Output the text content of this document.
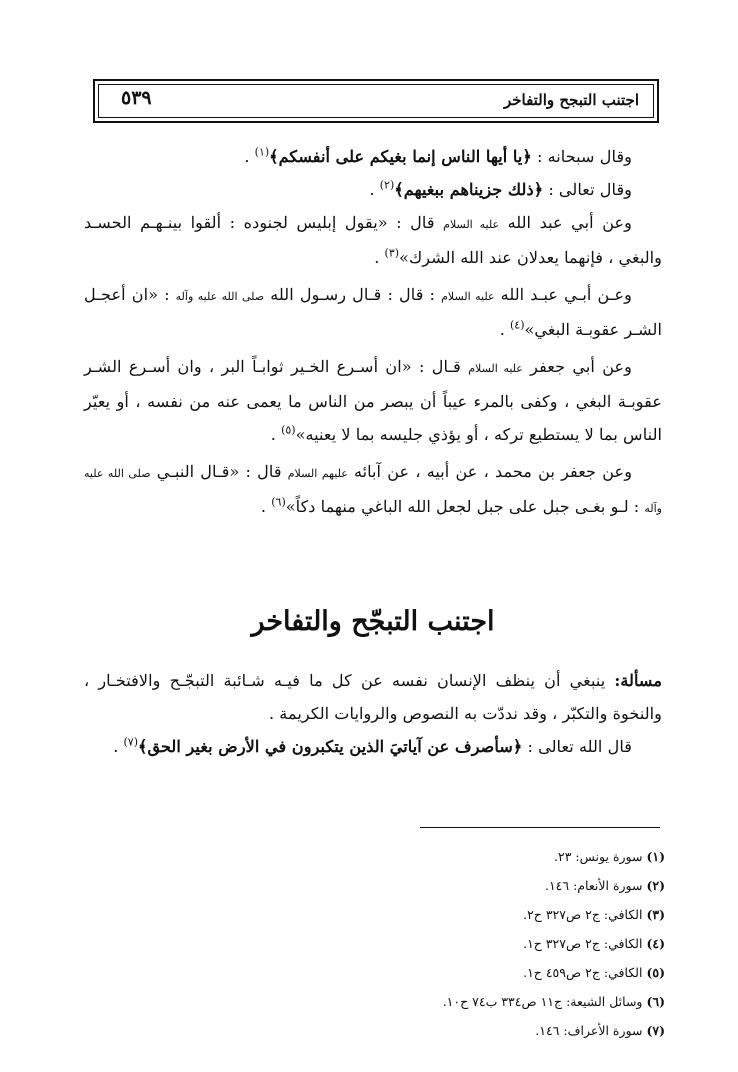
اجتنب التبجح والتفاخر
٥٣٩

وقال سبحانه : ﴿يا أيها الناس إنما بغيكم على أنفسكم﴾$^{(١)}$ .

وقال تعالى : ﴿ذلك جزيناهم ببغيهم﴾$^{(٢)}$ .

وعن أبي عبد الله عليه السلام قال : «يقول إبليس لجنوده : ألقوا بينـهـم الحسـد والبغي ، فإنهما يعدلان عند الله الشرك»$^{(٣)}$ .

وعـن أبـي عبـد الله عليه السلام : قال : قـال رسـول الله صلى الله عليه وآله : «ان أعجـل الشـر عقوبـة البغي»$^{(٤)}$ .

وعن أبي جعفر عليه السلام قـال : «ان أسـرع الخـير ثوابـاً البر ، وان أسـرع الشـر عقوبـة البغي ، وكفى بالمرء عيباً أن يبصر من الناس ما يعمى عنه من نفسه ، أو يعيّر الناس بما لا يستطيع تركه ، أو يؤذي جليسه بما لا يعنيه»$^{(٥)}$ .

وعن جعفر بن محمد ، عن أبيه ، عن آبائه عليهم السلام قال : «قـال النبـي صلى الله عليه وآله : لـو بغـى جبل على جبل لجعل الله الباغي منهما دكاً»$^{(٦)}$ .

اجتنب التبجّح والتفاخر

مسألة: ينبغي أن ينظف الإنسان نفسه عن كل ما فيـه شـائبة التبجّـح والافتخـار ، والنخوة والتكبّر ، وقد نددّت به النصوص والروايات الكريمة .

قال الله تعالى : ﴿سأصرف عن آياتيَ الذين يتكبرون في الأرض بغير الحق﴾$^{(٧)}$ .

(١) سورة يونس: ٢٣.
(٢) سورة الأنعام: ١٤٦.
(٣) الكافي: ج٢ ص٣٢٧ ح٢.
(٤) الكافي: ج٢ ص٣٢٧ ح١.
(٥) الكافي: ج٢ ص٤٥٩ ح١.
(٦) وسائل الشيعة: ج١١ ص٣٣٤ ب٧٤ ح١٠.
(٧) سورة الأعراف: ١٤٦.
